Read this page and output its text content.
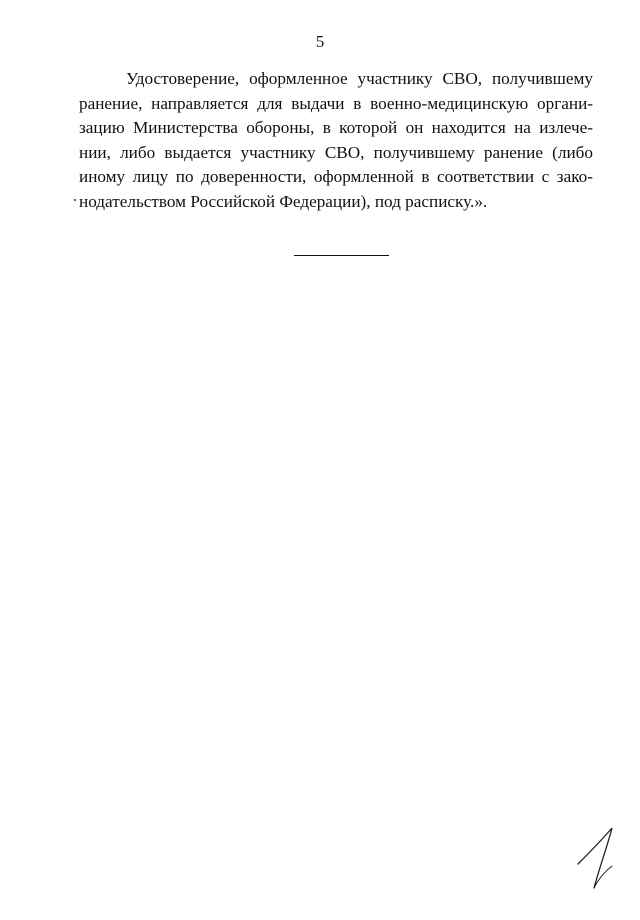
5
Удостоверение, оформленное участнику СВО, получившему
ранение, направляется для выдачи в военно-медицинскую органи-
зацию Министерства обороны, в которой он находится на излече-
нии, либо выдается участнику СВО, получившему ранение (либо
иному лицу по доверенности, оформленной в соответствии с зако-
нодательством Российской Федерации), под расписку.».
